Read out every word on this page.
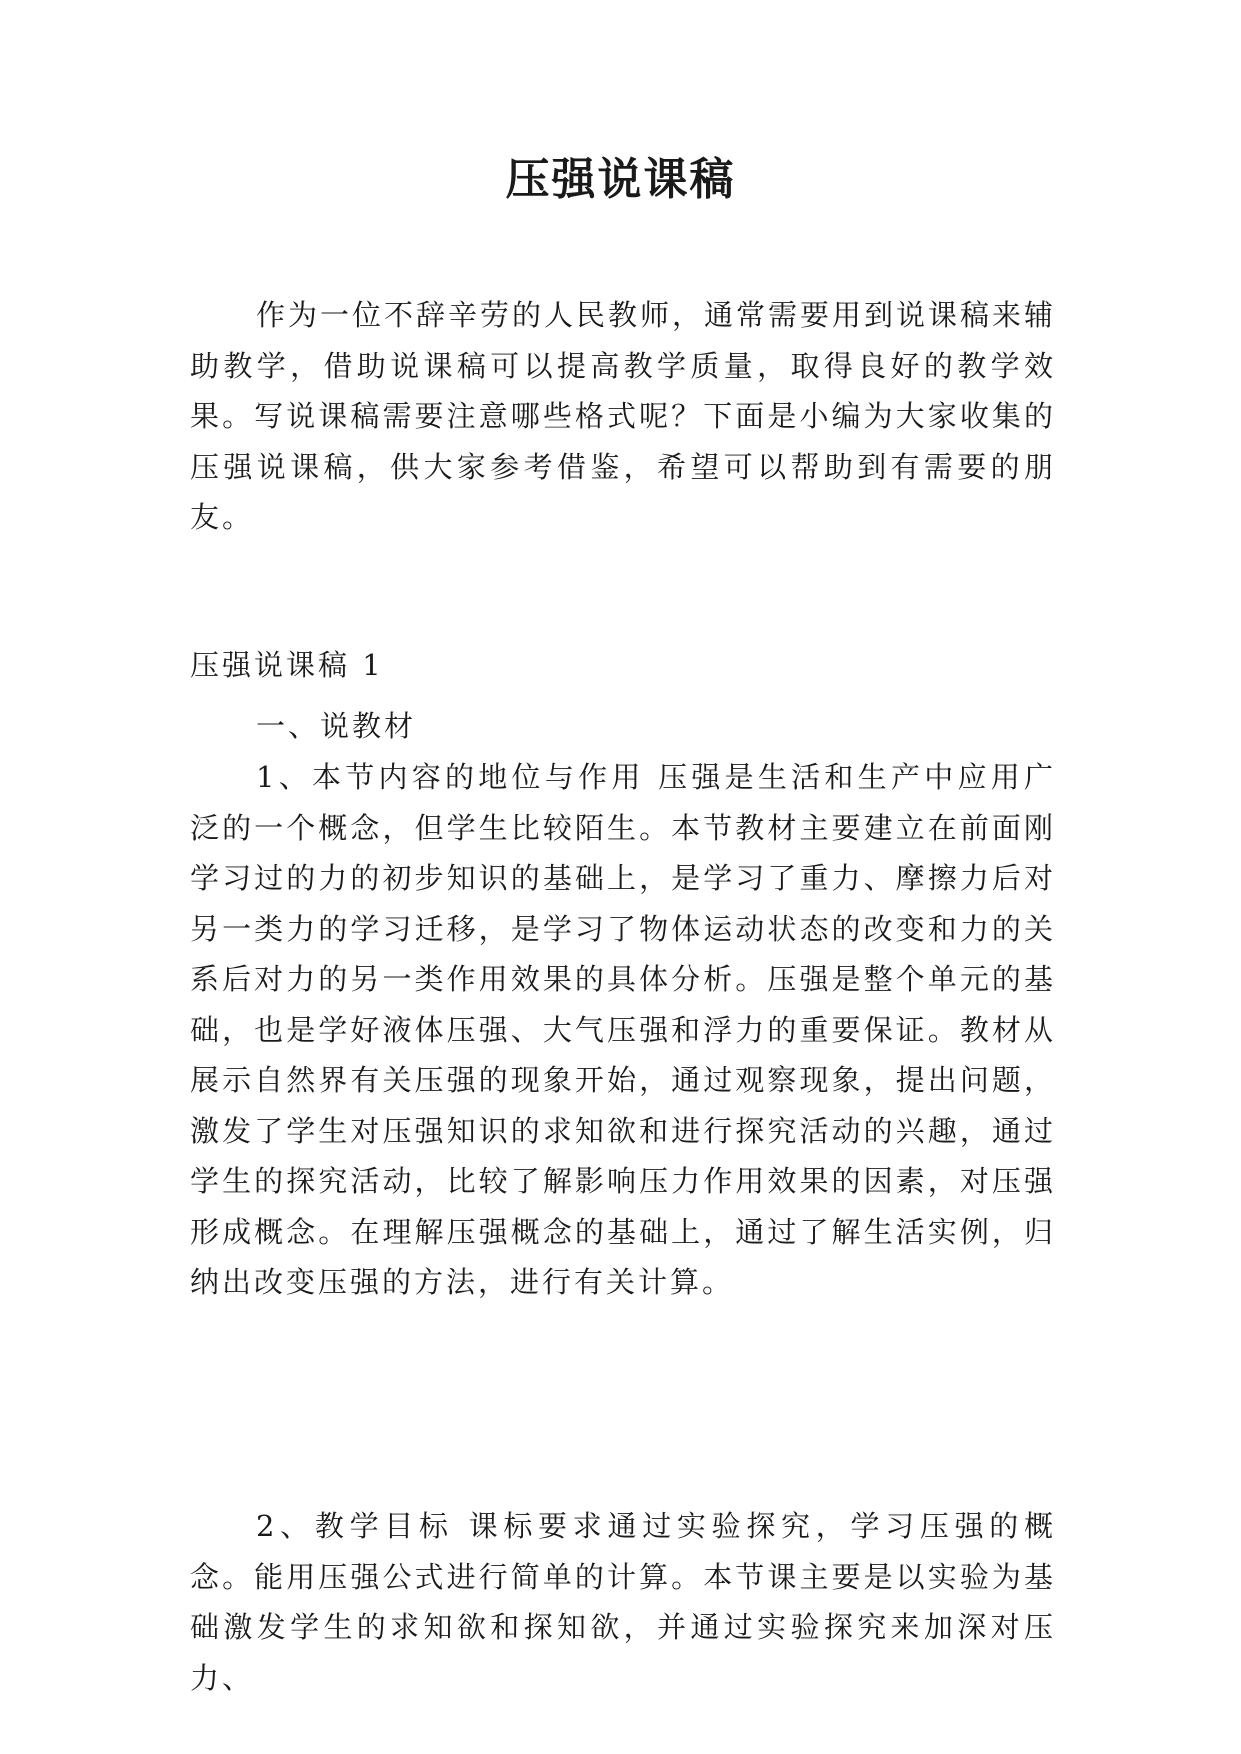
压强说课稿

作为一位不辞辛劳的人民教师，通常需要用到说课稿来辅助教学，借助说课稿可以提高教学质量，取得良好的教学效果。写说课稿需要注意哪些格式呢？下面是小编为大家收集的压强说课稿，供大家参考借鉴，希望可以帮助到有需要的朋友。

压强说课稿 1

一、说教材

1、本节内容的地位与作用 压强是生活和生产中应用广泛的一个概念，但学生比较陌生。本节教材主要建立在前面刚学习过的力的初步知识的基础上，是学习了重力、摩擦力后对另一类力的学习迁移，是学习了物体运动状态的改变和力的关系后对力的另一类作用效果的具体分析。压强是整个单元的基础，也是学好液体压强、大气压强和浮力的重要保证。教材从展示自然界有关压强的现象开始，通过观察现象，提出问题，激发了学生对压强知识的求知欲和进行探究活动的兴趣，通过学生的探究活动，比较了解影响压力作用效果的因素，对压强形成概念。在理解压强概念的基础上，通过了解生活实例，归纳出改变压强的方法，进行有关计算。

2、教学目标 课标要求通过实验探究，学习压强的概念。能用压强公式进行简单的计算。本节课主要是以实验为基础激发学生的求知欲和探知欲，并通过实验探究来加深对压力、
